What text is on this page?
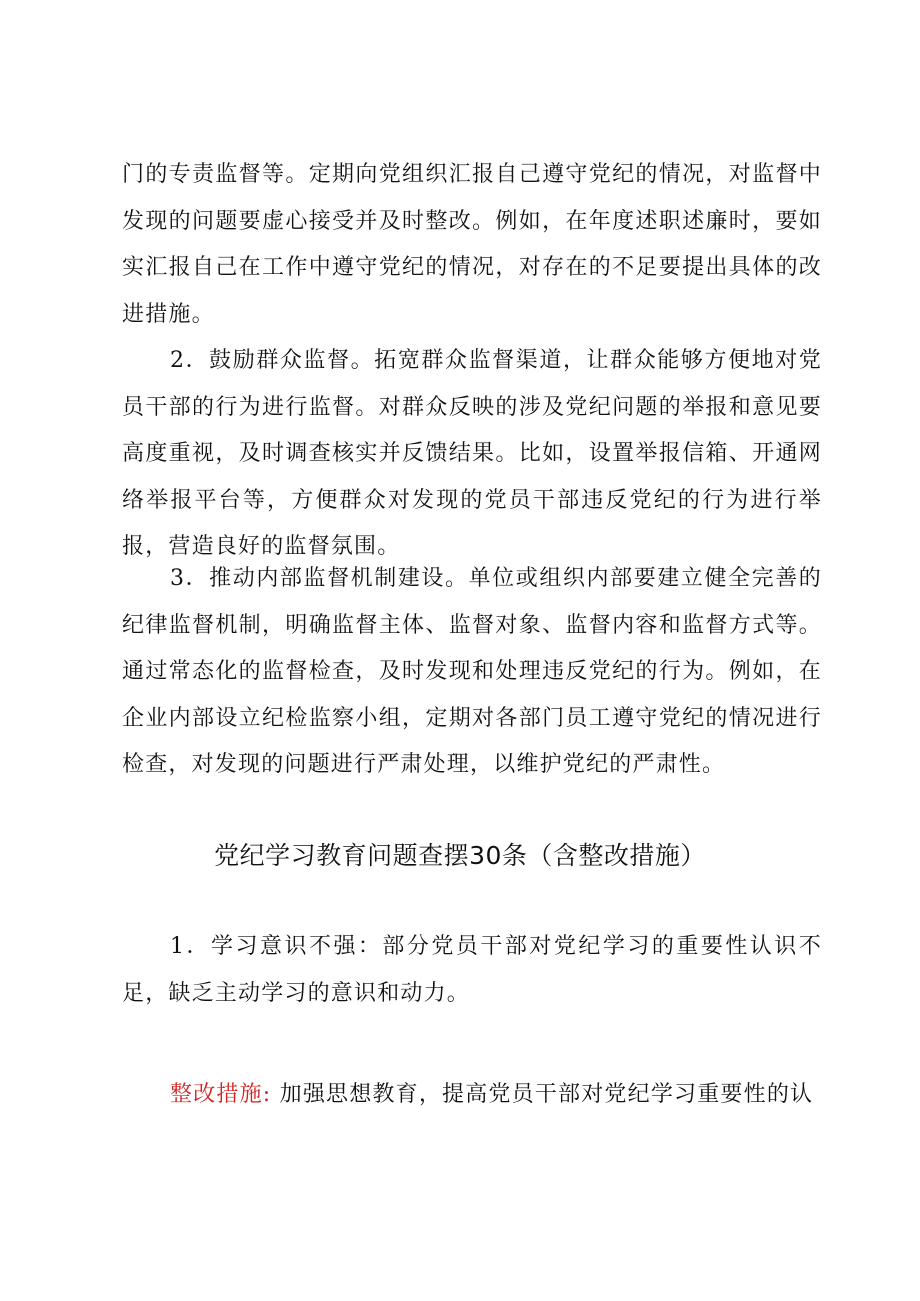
门的专责监督等。定期向党组织汇报自己遵守党纪的情况，对监督中发现的问题要虚心接受并及时整改。例如，在年度述职述廉时，要如实汇报自己在工作中遵守党纪的情况，对存在的不足要提出具体的改进措施。

2．鼓励群众监督。拓宽群众监督渠道，让群众能够方便地对党员干部的行为进行监督。对群众反映的涉及党纪问题的举报和意见要高度重视，及时调查核实并反馈结果。比如，设置举报信箱、开通网络举报平台等，方便群众对发现的党员干部违反党纪的行为进行举报，营造良好的监督氛围。

3．推动内部监督机制建设。单位或组织内部要建立健全完善的纪律监督机制，明确监督主体、监督对象、监督内容和监督方式等。通过常态化的监督检查，及时发现和处理违反党纪的行为。例如，在企业内部设立纪检监察小组，定期对各部门员工遵守党纪的情况进行检查，对发现的问题进行严肃处理，以维护党纪的严肃性。

党纪学习教育问题查摆30条（含整改措施）

1．学习意识不强：部分党员干部对党纪学习的重要性认识不足，缺乏主动学习的意识和动力。

整改措施: 加强思想教育，提高党员干部对党纪学习重要性的认
